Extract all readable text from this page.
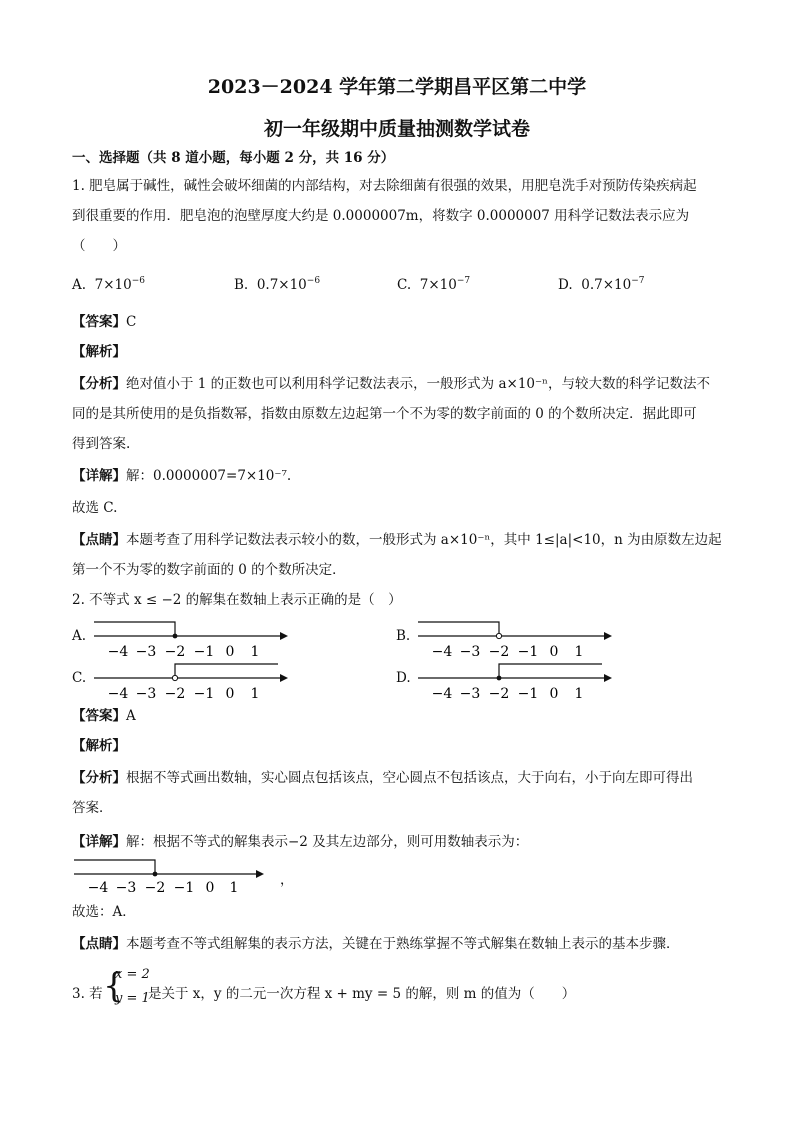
2023－2024 学年第二学期昌平区第二中学
初一年级期中质量抽测数学试卷
一、选择题（共 8 道小题，每小题 2 分，共 16 分）
1. 肥皂属于碱性，碱性会破坏细菌的内部结构，对去除细菌有很强的效果，用肥皂洗手对预防传染疾病起
到很重要的作用．肥皂泡的泡壁厚度大约是 0.0000007m，将数字 0.0000007 用科学记数法表示应为
（　　）
A. $7\times 10^{-6}$	B. $0.7\times 10^{-6}$	C. $7\times 10^{-7}$	D. $0.7\times 10^{-7}$
【答案】C
【解析】
【分析】绝对值小于 1 的正数也可以利用科学记数法表示，一般形式为 a×10⁻ⁿ，与较大数的科学记数法不
同的是其所使用的是负指数幂，指数由原数左边起第一个不为零的数字前面的 0 的个数所决定．据此即可
得到答案.
【详解】解：0.0000007=7×10⁻⁷.
故选 C.
【点睛】本题考查了用科学记数法表示较小的数，一般形式为 a×10⁻ⁿ，其中 1≤|a|<10，n 为由原数左边起
第一个不为零的数字前面的 0 的个数所决定．
2. 不等式 x ≤ −2 的解集在数轴上表示正确的是（　）
A.
−4 −3 −2 −1 0 1
B.
−4 −3 −2 −1 0 1
C.
−4 −3 −2 −1 0 1
D.
−4 −3 −2 −1 0 1
【答案】A
【解析】
【分析】根据不等式画出数轴，实心圆点包括该点，空心圆点不包括该点，大于向右，小于向左即可得出
答案．
【详解】解：根据不等式的解集表示−2 及其左边部分，则可用数轴表示为：
−4 −3 −2 −1 0 1	，
故选：A．
【点睛】本题考查不等式组解集的表示方法，关键在于熟练掌握不等式解集在数轴上表示的基本步骤．
3. 若 {
x = 2
y = 1
是关于 x，y 的二元一次方程 x + my = 5 的解，则 m 的值为（　　）
